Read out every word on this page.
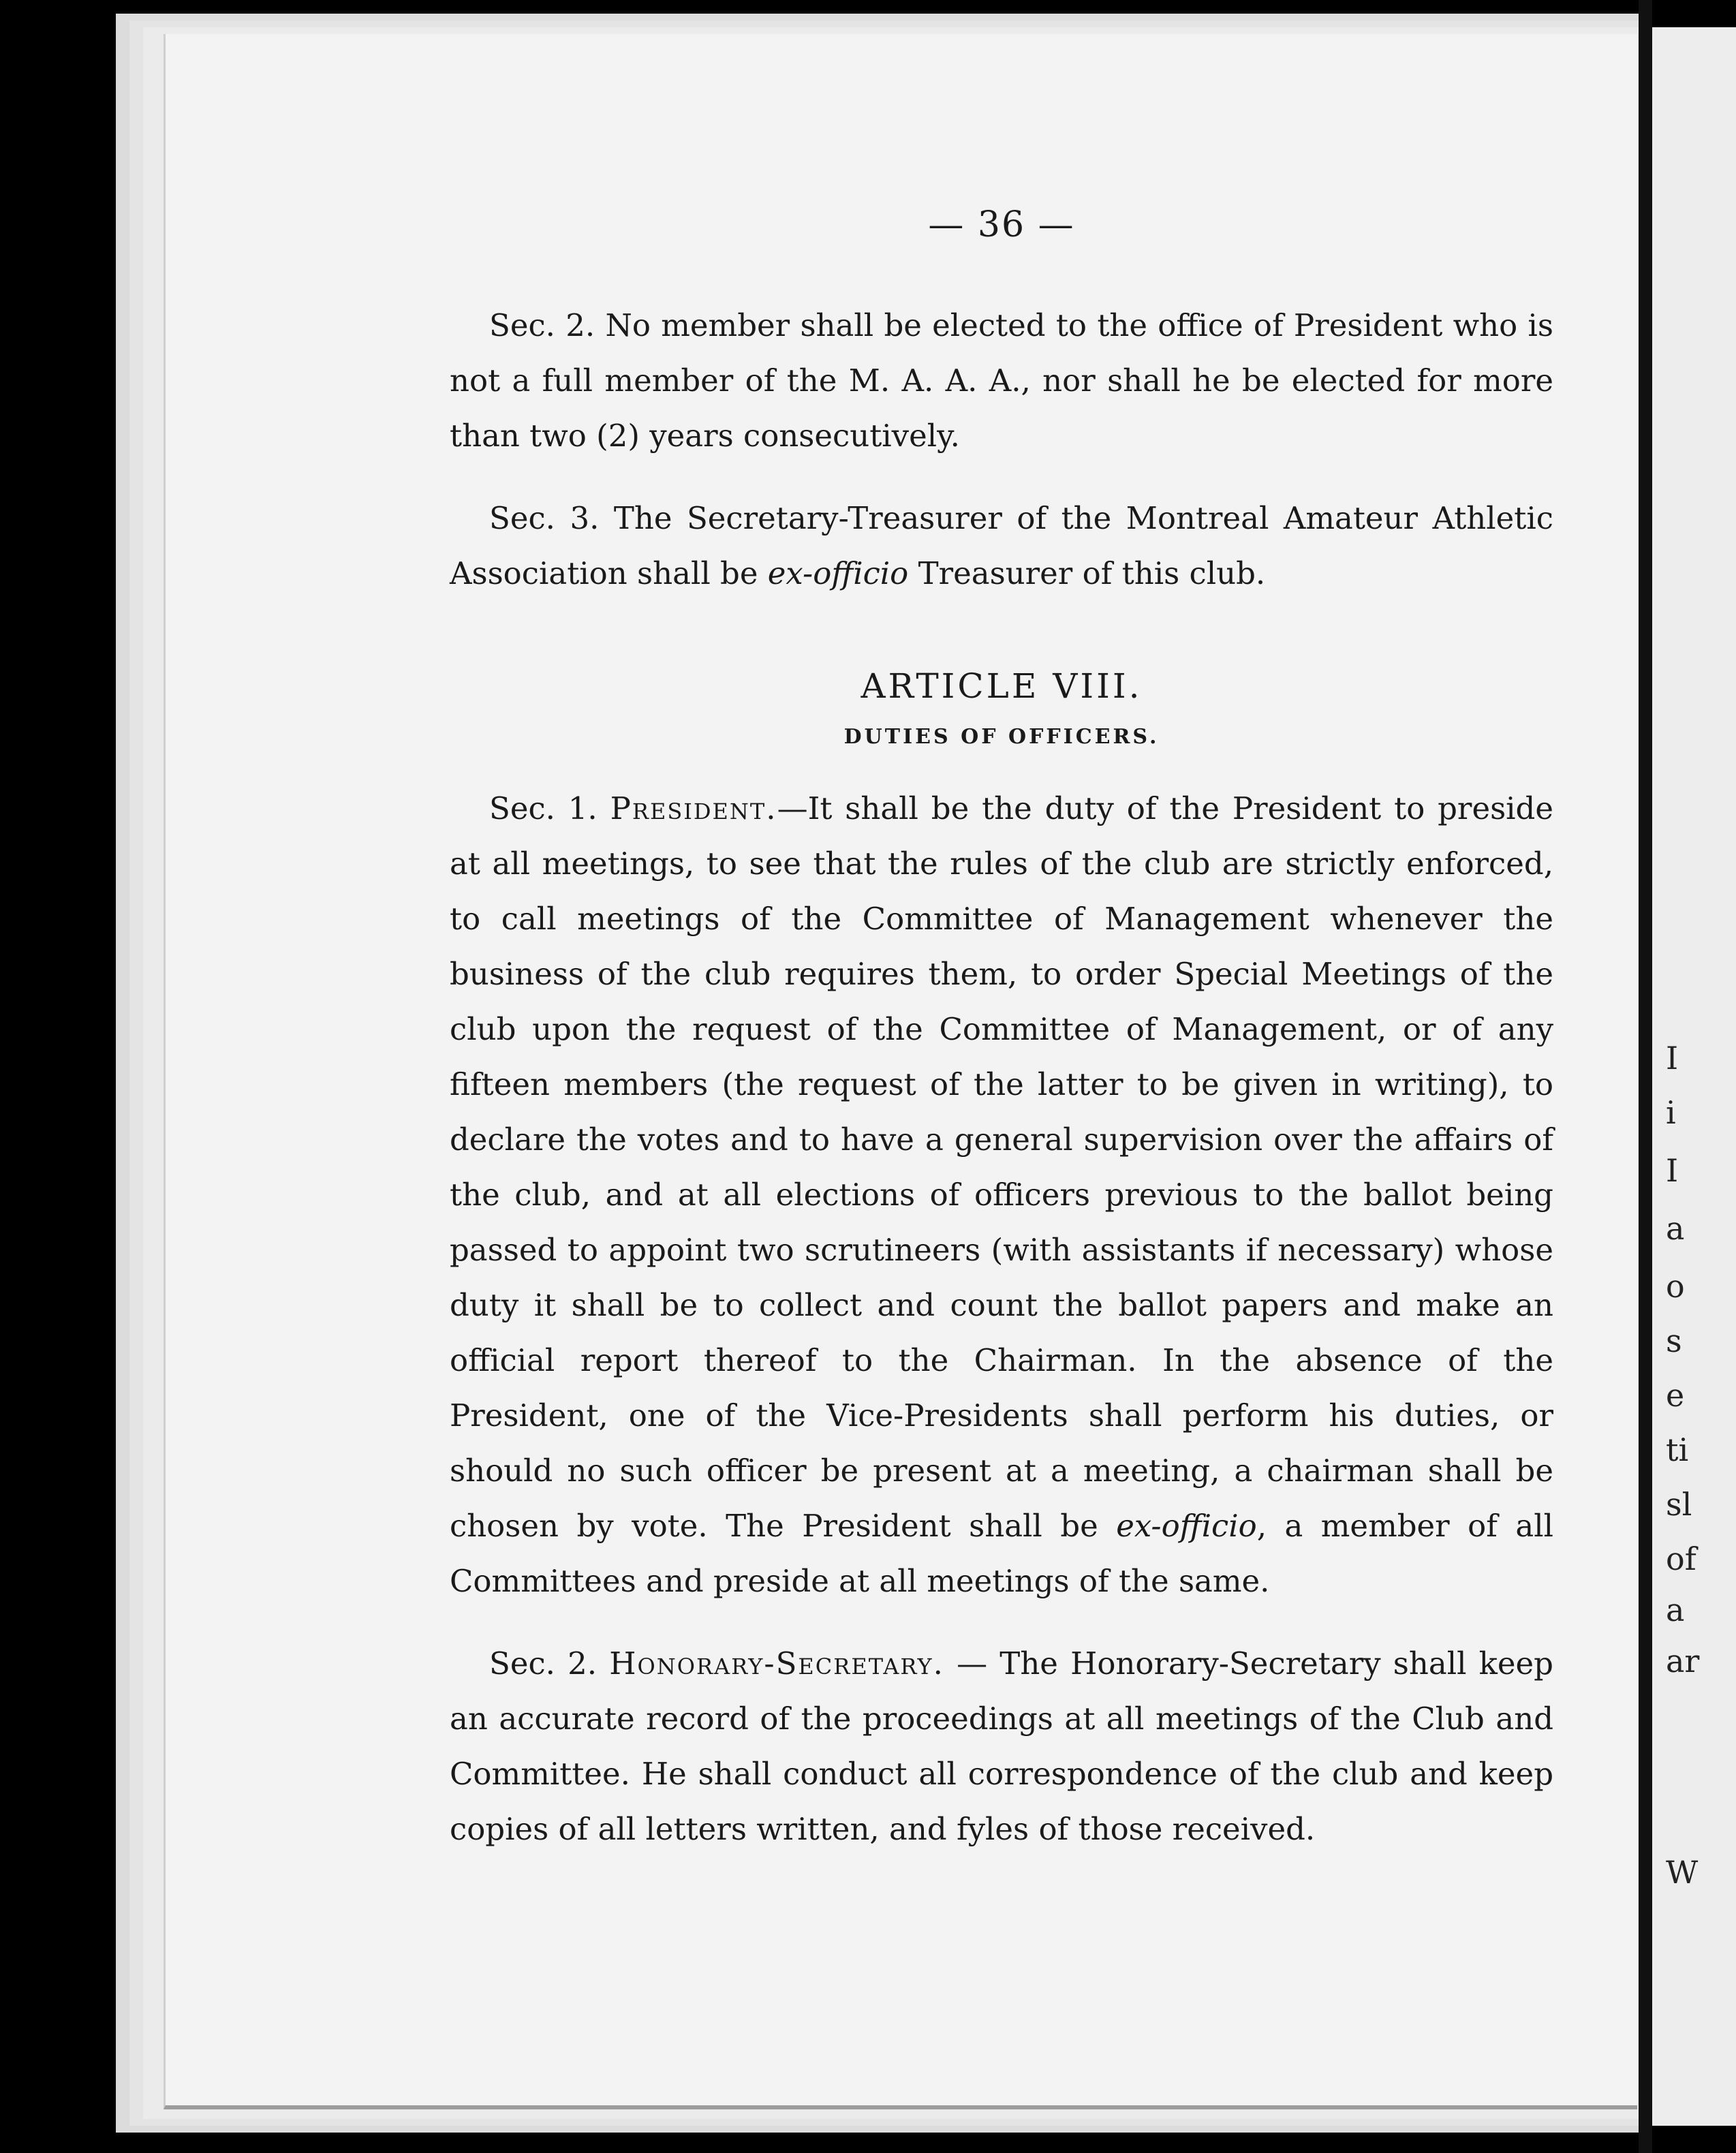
I
i
I
a
o
s
e
ti
sl
of
a
ar
W
— 36 —

Sec. 2. No member shall be elected to the office of President who is not a full member of the M. A. A. A., nor shall he be elected for more than two (2) years consecutively.

Sec. 3. The Secretary-Treasurer of the Montreal Amateur Athletic Association shall be ex-officio Treasurer of this club.

ARTICLE VIII.
DUTIES OF OFFICERS.

Sec. 1. President.—It shall be the duty of the President to preside at all meetings, to see that the rules of the club are strictly enforced, to call meetings of the Committee of Management whenever the business of the club requires them, to order Special Meetings of the club upon the request of the Committee of Management, or of any fifteen members (the request of the latter to be given in writing), to declare the votes and to have a general supervision over the affairs of the club, and at all elections of officers previous to the ballot being passed to appoint two scrutineers (with assistants if necessary) whose duty it shall be to collect and count the ballot papers and make an official report thereof to the Chairman. In the absence of the President, one of the Vice-Presidents shall perform his duties, or should no such officer be present at a meeting, a chairman shall be chosen by vote. The President shall be ex-officio, a member of all Committees and preside at all meetings of the same.

Sec. 2. Honorary-Secretary. — The Honorary-Secretary shall keep an accurate record of the proceedings at all meetings of the Club and Committee. He shall conduct all correspondence of the club and keep copies of all letters written, and fyles of those received.
